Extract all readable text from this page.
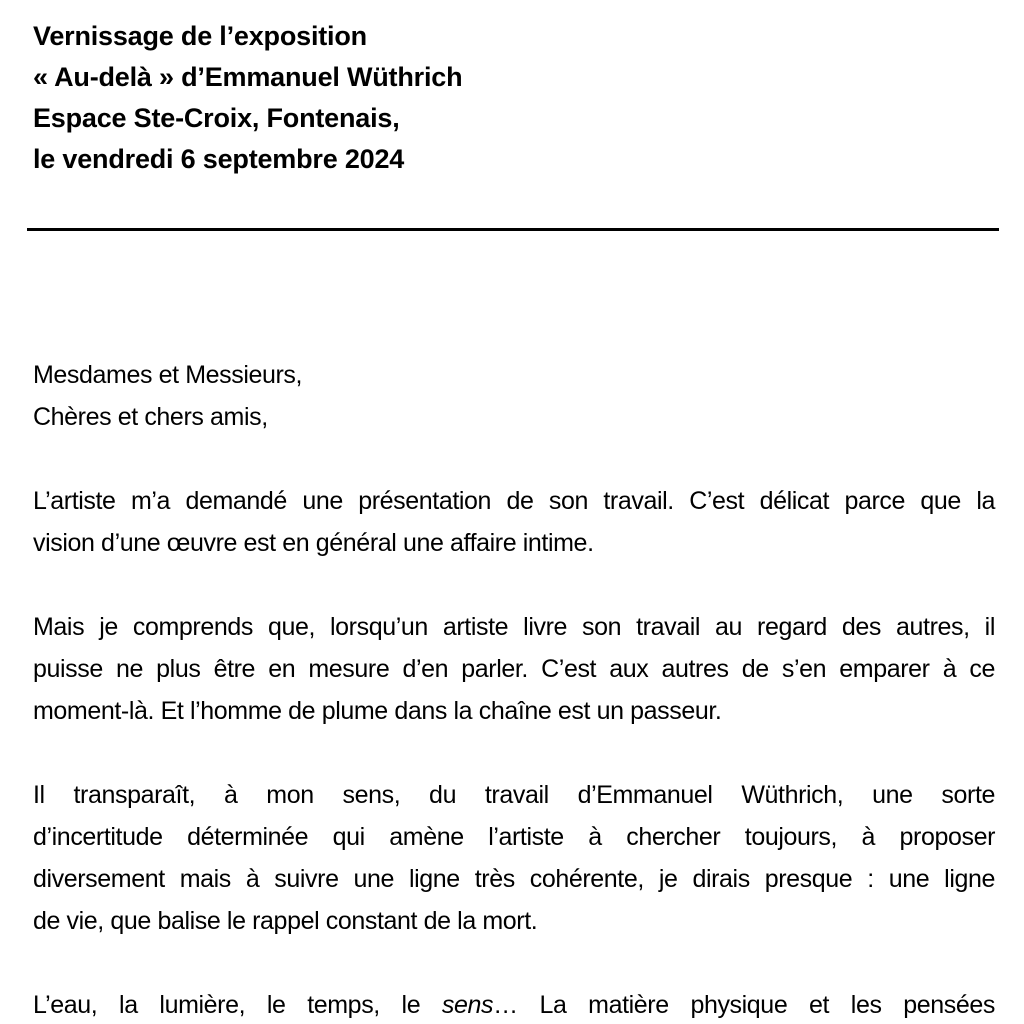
Vernissage de l’exposition
« Au-delà » d’Emmanuel Wüthrich
Espace Ste-Croix, Fontenais,
le vendredi 6 septembre 2024
Mesdames et Messieurs,
Chères et chers amis,
L’artiste m’a demandé une présentation de son travail. C’est délicat parce que la
vision d’une œuvre est en général une affaire intime.
Mais je comprends que, lorsqu’un artiste livre son travail au regard des autres, il
puisse ne plus être en mesure d’en parler. C’est aux autres de s’en emparer à ce
moment-là. Et l’homme de plume dans la chaîne est un passeur.
Il transparaît, à mon sens, du travail d’Emmanuel Wüthrich, une sorte
d’incertitude déterminée qui amène l’artiste à chercher toujours, à proposer
diversement mais à suivre une ligne très cohérente, je dirais presque : une ligne
de vie, que balise le rappel constant de la mort.
L’eau, la lumière, le temps, le sens… La matière physique et les pensées
